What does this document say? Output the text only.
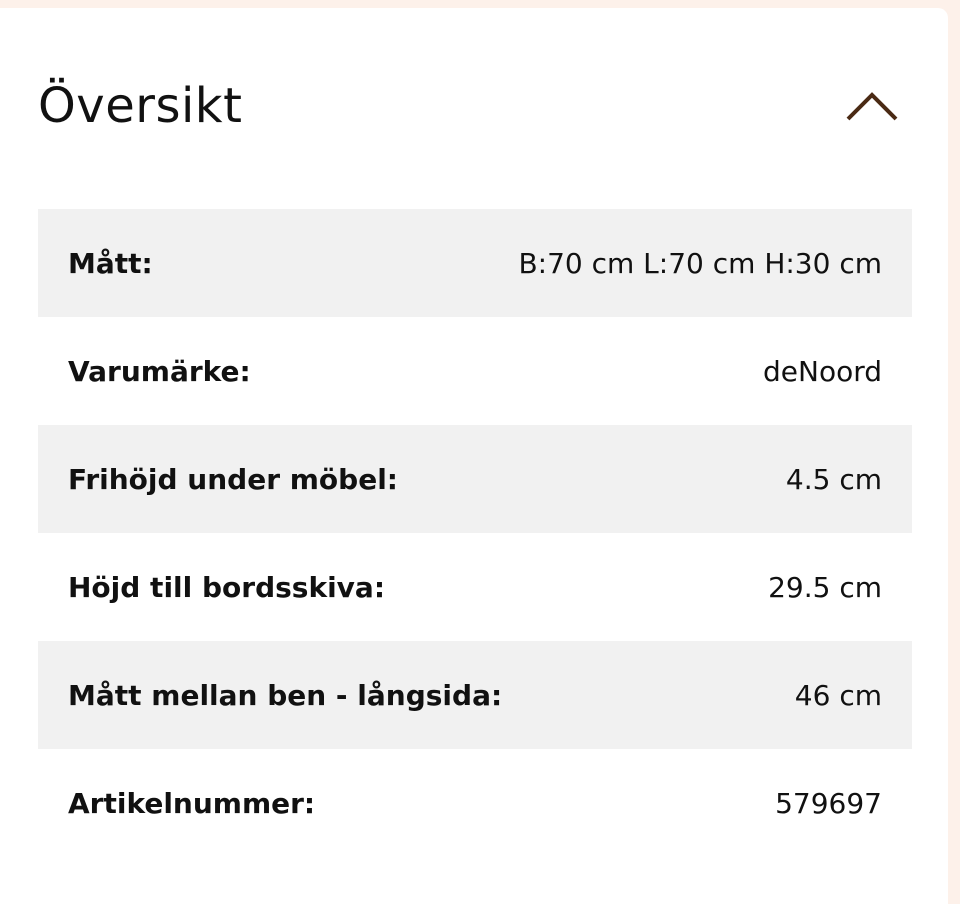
Översikt
Mått:	B:70 cm L:70 cm H:30 cm
Varumärke:	deNoord
Frihöjd under möbel:	4.5 cm
Höjd till bordsskiva:	29.5 cm
Mått mellan ben - långsida:	46 cm
Artikelnummer:	579697
